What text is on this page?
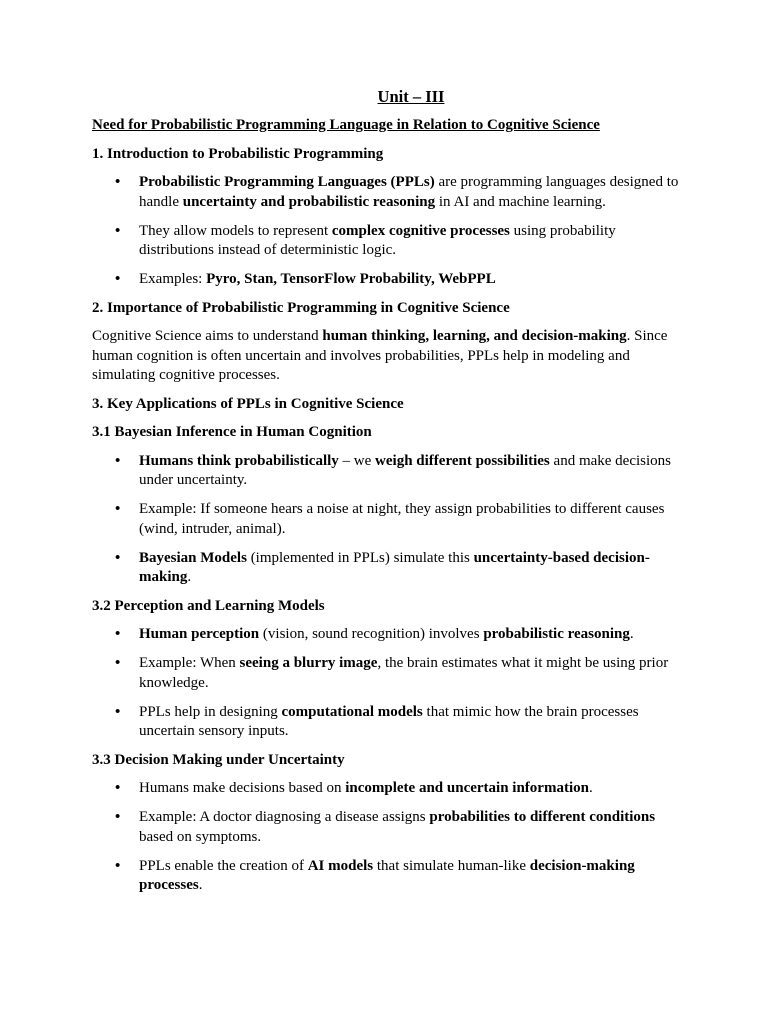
Unit – III
Need for Probabilistic Programming Language in Relation to Cognitive Science
1. Introduction to Probabilistic Programming
• Probabilistic Programming Languages (PPLs) are programming languages designed to handle uncertainty and probabilistic reasoning in AI and machine learning.
• They allow models to represent complex cognitive processes using probability distributions instead of deterministic logic.
• Examples: Pyro, Stan, TensorFlow Probability, WebPPL
2. Importance of Probabilistic Programming in Cognitive Science
Cognitive Science aims to understand human thinking, learning, and decision-making. Since human cognition is often uncertain and involves probabilities, PPLs help in modeling and simulating cognitive processes.
3. Key Applications of PPLs in Cognitive Science
3.1 Bayesian Inference in Human Cognition
• Humans think probabilistically – we weigh different possibilities and make decisions under uncertainty.
• Example: If someone hears a noise at night, they assign probabilities to different causes (wind, intruder, animal).
• Bayesian Models (implemented in PPLs) simulate this uncertainty-based decision-making.
3.2 Perception and Learning Models
• Human perception (vision, sound recognition) involves probabilistic reasoning.
• Example: When seeing a blurry image, the brain estimates what it might be using prior knowledge.
• PPLs help in designing computational models that mimic how the brain processes uncertain sensory inputs.
3.3 Decision Making under Uncertainty
• Humans make decisions based on incomplete and uncertain information.
• Example: A doctor diagnosing a disease assigns probabilities to different conditions based on symptoms.
• PPLs enable the creation of AI models that simulate human-like decision-making processes.
